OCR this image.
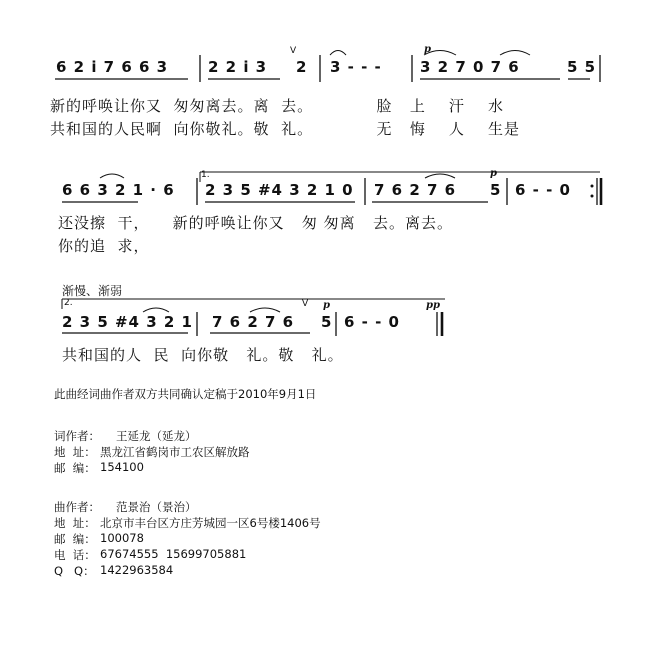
6 2 i 7 6 6 3	2 2 i 3 2
V
3 - - -	3 2 7 0 7 6	5 5
p
新的呼唤让你又  匆匆离去。离  去。           脸   上    汗    水
共和国的人民啊  向你敬礼。敬  礼。           无   悔    人    生是
1.
6 6 3 2 1 · 6 2 3 5 #4 3 2 1 0 7 6 2 7 6 5
p
6 - - 0
还没擦  干，    新的呼唤让你又   匆 匆离   去。离去。
你的追  求，
渐慢、渐弱
2.
2 3 5 #4 3 2 1 7 6 2 7 6 5
V p
6 - - 0
pp
共和国的人  民  向你敬   礼。敬   礼。
此曲经词曲作者双方共同确认定稿于2010年9月1日
词作者： 王延龙（延龙）
地  址： 黑龙江省鹤岗市工农区解放路
邮  编： 154100
曲作者： 范景治（景治）
地  址： 北京市丰台区方庄芳城园一区6号楼1406号
邮  编： 100078
电  话： 67674555  15699705881
Q   Q： 1422963584
